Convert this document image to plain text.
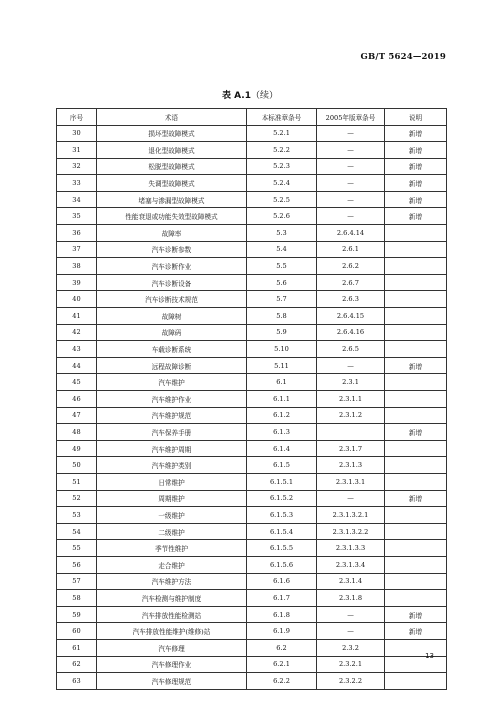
GB/T 5624—2019
表 A.1（续）
序号	术语	本标准章条号	2005年版章条号	说明
30	损坏型故障模式	5.2.1	—	新增
31	退化型故障模式	5.2.2	—	新增
32	松脱型故障模式	5.2.3	—	新增
33	失调型故障模式	5.2.4	—	新增
34	堵塞与渗漏型故障模式	5.2.5	—	新增
35	性能衰退或功能失效型故障模式	5.2.6	—	新增
36	故障率	5.3	2.6.4.14	
37	汽车诊断参数	5.4	2.6.1	
38	汽车诊断作业	5.5	2.6.2	
39	汽车诊断设备	5.6	2.6.7	
40	汽车诊断技术规范	5.7	2.6.3	
41	故障树	5.8	2.6.4.15	
42	故障码	5.9	2.6.4.16	
43	车载诊断系统	5.10	2.6.5	
44	远程故障诊断	5.11	—	新增
45	汽车维护	6.1	2.3.1	
46	汽车维护作业	6.1.1	2.3.1.1	
47	汽车维护规范	6.1.2	2.3.1.2	
48	汽车保养手册	6.1.3		新增
49	汽车维护周期	6.1.4	2.3.1.7	
50	汽车维护类别	6.1.5	2.3.1.3	
51	日常维护	6.1.5.1	2.3.1.3.1	
52	周期维护	6.1.5.2	—	新增
53	一级维护	6.1.5.3	2.3.1.3.2.1	
54	二级维护	6.1.5.4	2.3.1.3.2.2	
55	季节性维护	6.1.5.5	2.3.1.3.3	
56	走合维护	6.1.5.6	2.3.1.3.4	
57	汽车维护方法	6.1.6	2.3.1.4	
58	汽车检测与维护制度	6.1.7	2.3.1.8	
59	汽车排放性能检测站	6.1.8	—	新增
60	汽车排放性能维护(维修)站	6.1.9	—	新增
61	汽车修理	6.2	2.3.2	
62	汽车修理作业	6.2.1	2.3.2.1	
63	汽车修理规范	6.2.2	2.3.2.2	
13
